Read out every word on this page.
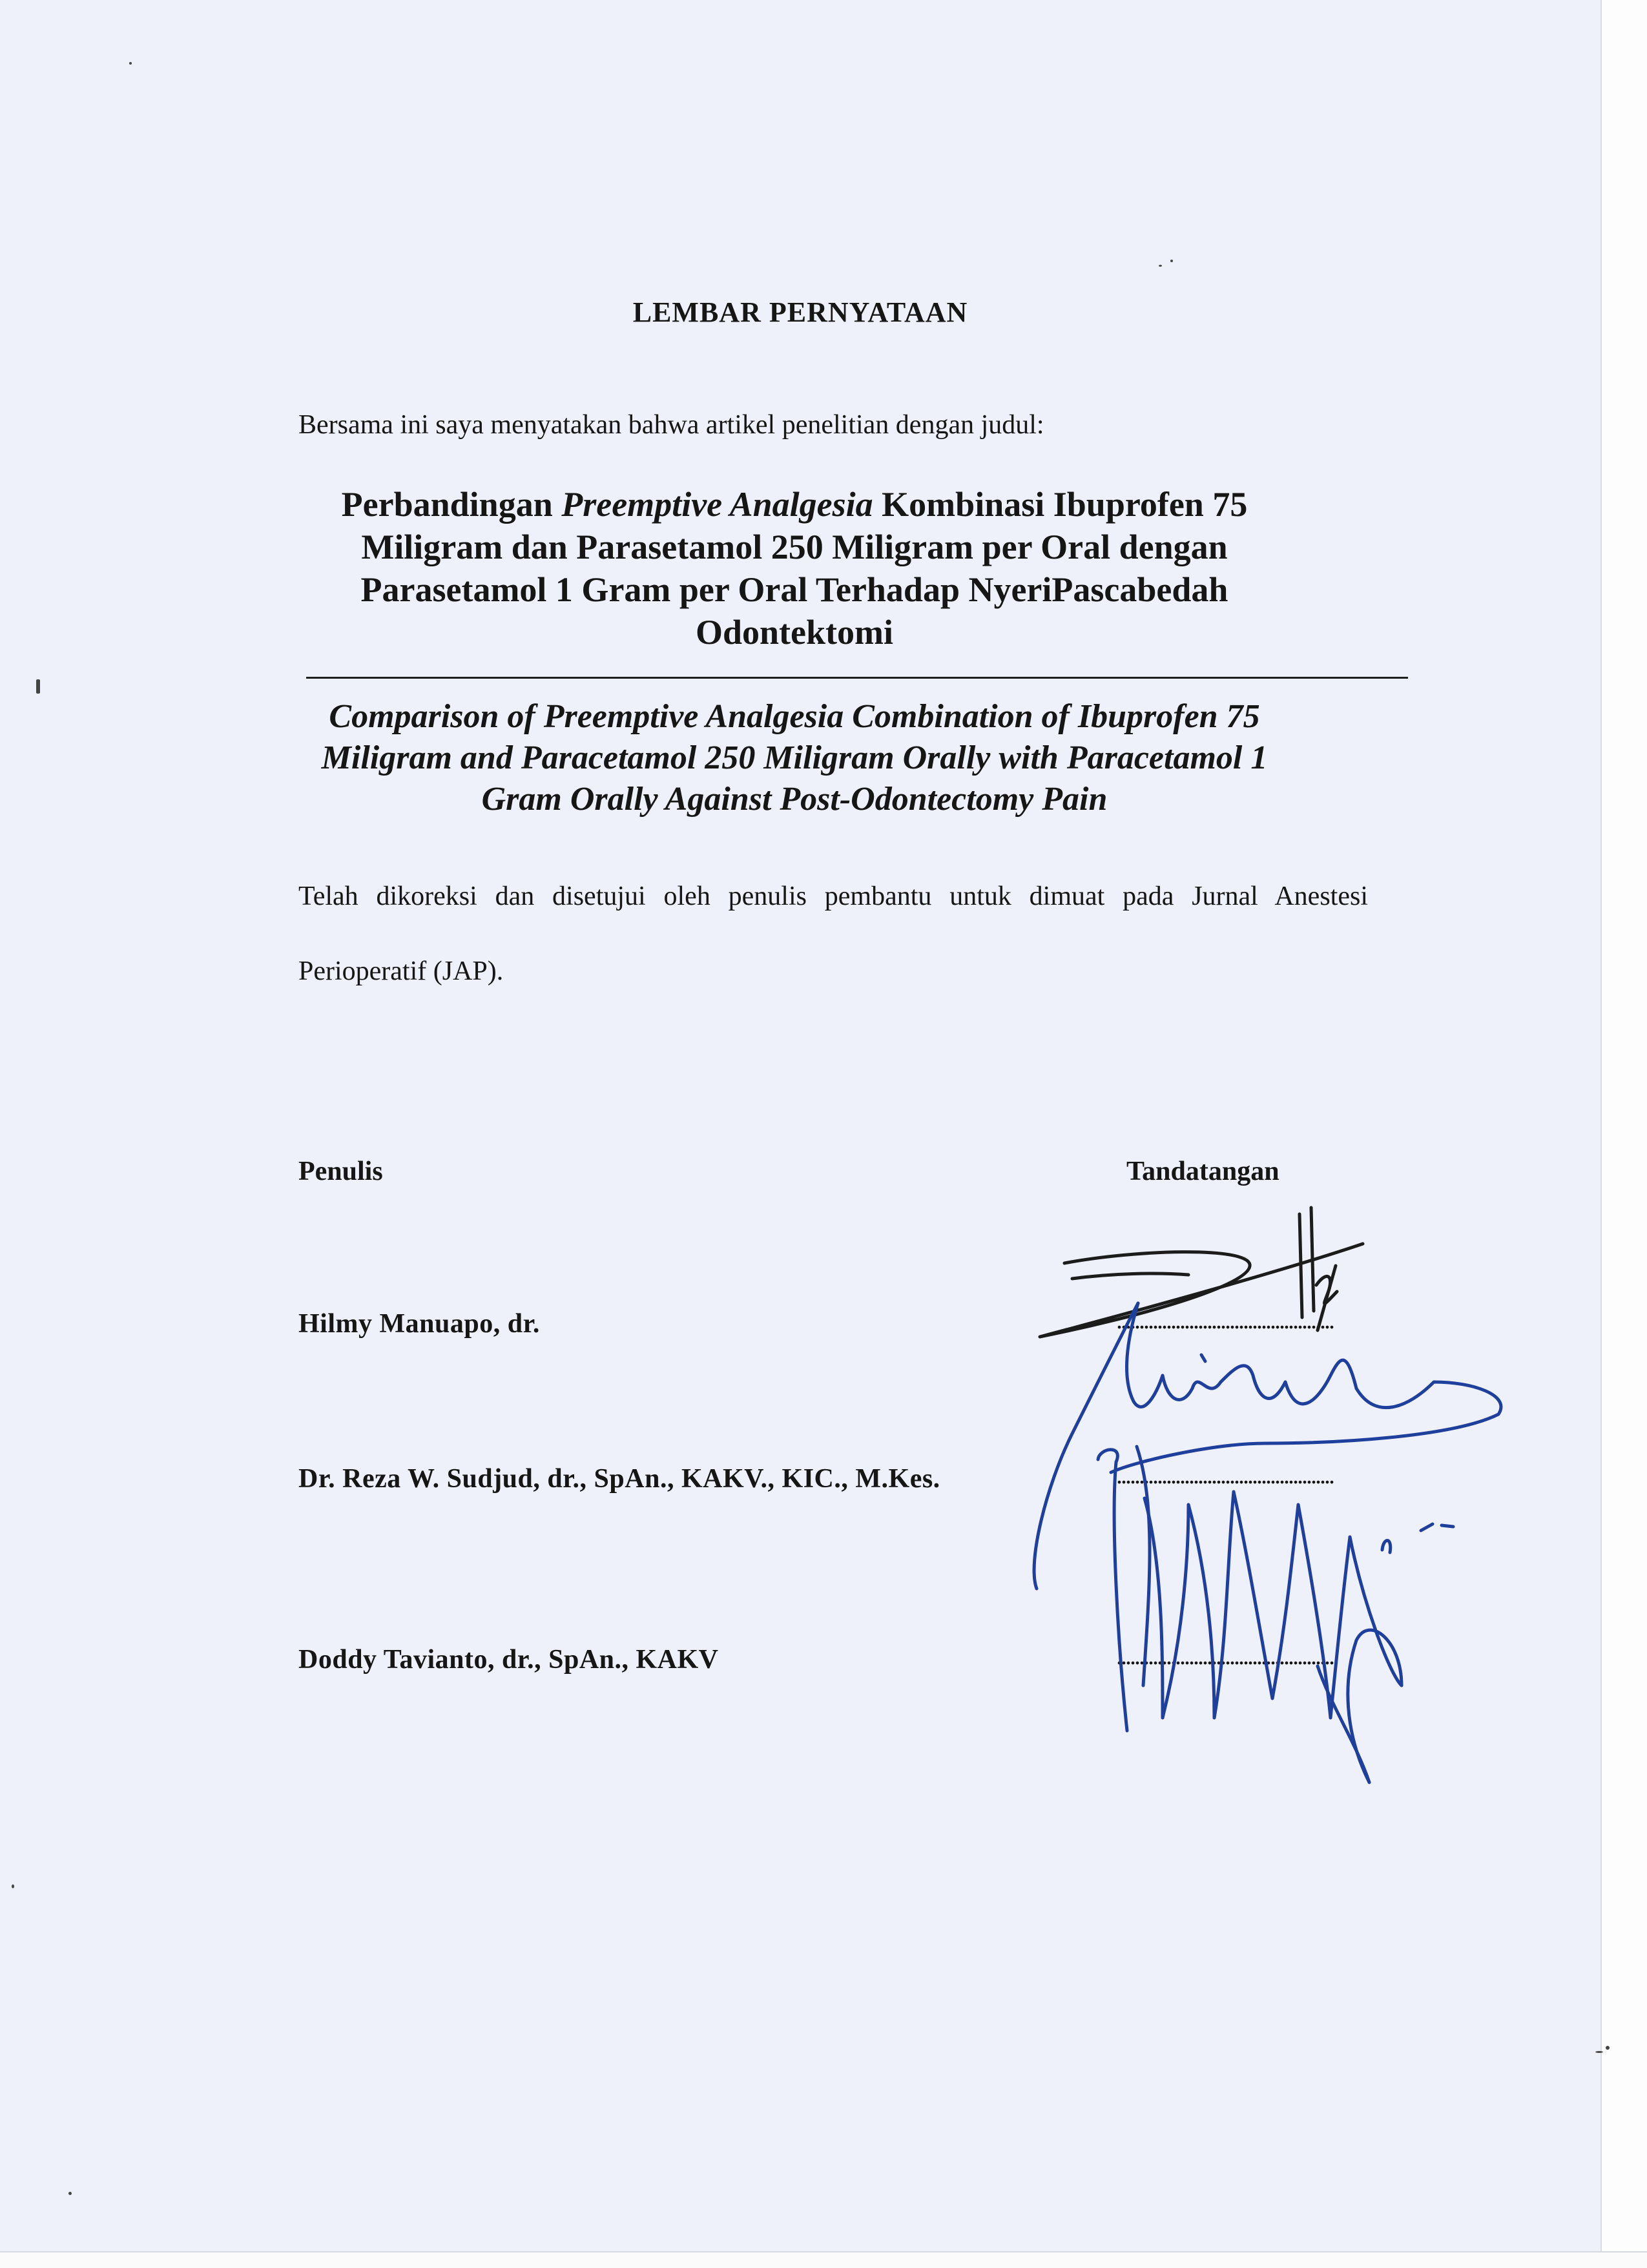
LEMBAR PERNYATAAN
Bersama ini saya menyatakan bahwa artikel penelitian dengan judul:
Perbandingan Preemptive Analgesia Kombinasi Ibuprofen 75 Miligram dan Parasetamol 250 Miligram per Oral dengan Parasetamol 1 Gram per Oral Terhadap NyeriPascabedah Odontektomi
Comparison of Preemptive Analgesia Combination of Ibuprofen 75 Miligram and Paracetamol 250 Miligram Orally with Paracetamol 1 Gram Orally Against Post-Odontectomy Pain
Telah dikoreksi dan disetujui oleh penulis pembantu untuk dimuat pada Jurnal Anestesi Perioperatif (JAP).
Penulis	Tandatangan
Hilmy Manuapo, dr.	................................................
Dr. Reza W. Sudjud, dr., SpAn., KAKV., KIC., M.Kes.	................................................
Doddy Tavianto, dr., SpAn., KAKV	................................................
